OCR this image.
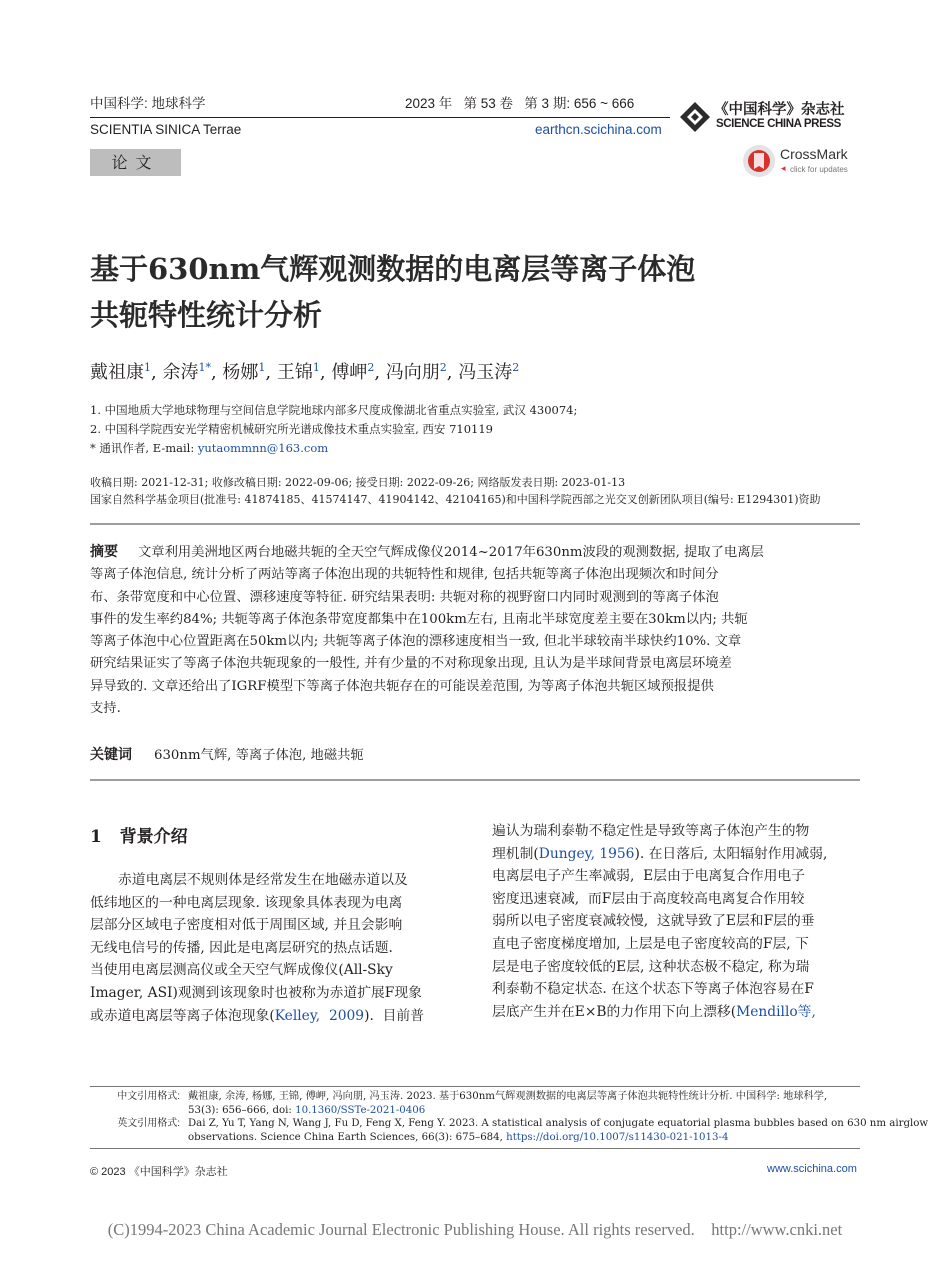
中国科学: 地球科学
SCIENTIA SINICA Terrae
2023 年   第 53 卷   第 3 期: 656 ~ 666
earthcn.scichina.com
《中国科学》杂志社
SCIENCE CHINA PRESS
CrossMark
click for updates
◂
论文
基于630nm气辉观测数据的电离层等离子体泡
共轭特性统计分析
戴祖康$^1$, 余涛$^{1*}$, 杨娜$^1$, 王锦$^1$, 傅岬$^2$, 冯向朋$^2$, 冯玉涛$^2$
1. 中国地质大学地球物理与空间信息学院地球内部多尺度成像湖北省重点实验室, 武汉 430074;
2. 中国科学院西安光学精密机械研究所光谱成像技术重点实验室, 西安 710119
* 通讯作者, E-mail: yutaommnn@163.com
收稿日期: 2021-12-31; 收修改稿日期: 2022-09-06; 接受日期: 2022-09-26; 网络版发表日期: 2023-01-13
国家自然科学基金项目(批准号: 41874185、41574147、41904142、42104165)和中国科学院西部之光交叉创新团队项目(编号: E1294301)资助
摘要 文章利用美洲地区两台地磁共轭的全天空气辉成像仪2014~2017年630nm波段的观测数据, 提取了电离层
等离子体泡信息, 统计分析了两站等离子体泡出现的共轭特性和规律, 包括共轭等离子体泡出现频次和时间分
布、条带宽度和中心位置、漂移速度等特征. 研究结果表明: 共轭对称的视野窗口内同时观测到的等离子体泡
事件的发生率约84%; 共轭等离子体泡条带宽度都集中在100km左右, 且南北半球宽度差主要在30km以内; 共轭
等离子体泡中心位置距离在50km以内; 共轭等离子体泡的漂移速度相当一致, 但北半球较南半球快约10%. 文章
研究结果证实了等离子体泡共轭现象的一般性, 并有少量的不对称现象出现, 且认为是半球间背景电离层环境差
异导致的. 文章还给出了IGRF模型下等离子体泡共轭存在的可能误差范围, 为等离子体泡共轭区域预报提供
支持.
关键词 630nm气辉, 等离子体泡, 地磁共轭
1   背景介绍
赤道电离层不规则体是经常发生在地磁赤道以及
低纬地区的一种电离层现象. 该现象具体表现为电离
层部分区域电子密度相对低于周围区域, 并且会影响
无线电信号的传播, 因此是电离层研究的热点话题.
当使用电离层测高仪或全天空气辉成像仪(All-Sky
Imager, ASI)观测到该现象时也被称为赤道扩展F现象
或赤道电离层等离子体泡现象(Kelley,  2009).  目前普
遍认为瑞利泰勒不稳定性是导致等离子体泡产生的物
理机制(Dungey, 1956). 在日落后, 太阳辐射作用减弱,
电离层电子产生率减弱,  E层由于电离复合作用电子
密度迅速衰减,  而F层由于高度较高电离复合作用较
弱所以电子密度衰减较慢,  这就导致了E层和F层的垂
直电子密度梯度增加, 上层是电子密度较高的F层, 下
层是电子密度较低的E层, 这种状态极不稳定, 称为瑞
利泰勒不稳定状态. 在这个状态下等离子体泡容易在F
层底产生并在E×B的力作用下向上漂移(Mendillo等,
中文引用格式: 戴祖康, 余涛, 杨娜, 王锦, 傅岬, 冯向朋, 冯玉涛. 2023. 基于630nm气辉观测数据的电离层等离子体泡共轭特性统计分析. 中国科学: 地球科学,
53(3): 656–666, doi: 10.1360/SSTe-2021-0406
英文引用格式: Dai Z, Yu T, Yang N, Wang J, Fu D, Feng X, Feng Y. 2023. A statistical analysis of conjugate equatorial plasma bubbles based on 630 nm airglow
observations. Science China Earth Sciences, 66(3): 675–684, https://doi.org/10.1007/s11430-021-1013-4
© 2023 《中国科学》杂志社	www.scichina.com
(C)1994-2023 China Academic Journal Electronic Publishing House. All rights reserved.    http://www.cnki.net
